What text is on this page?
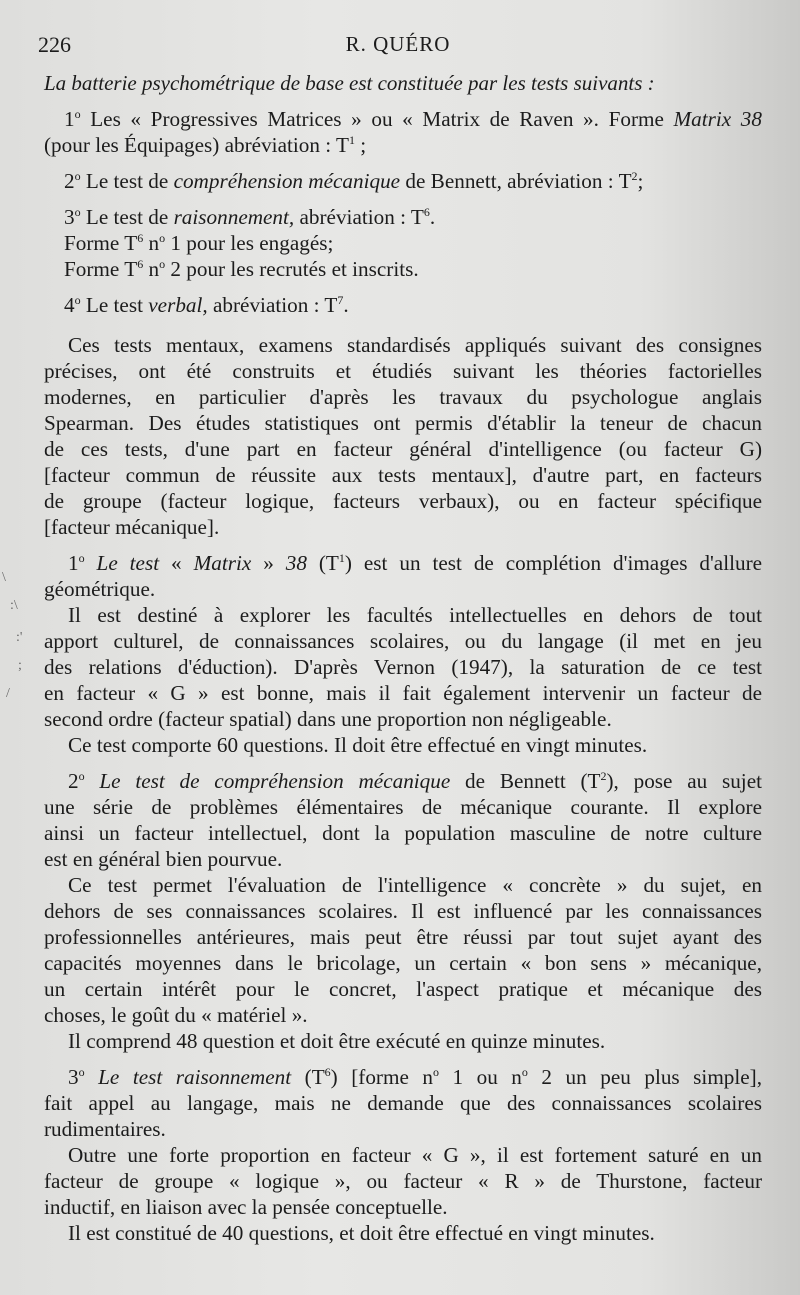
226	R. QUÉRO
\
:\
:'
;
/

La batterie psychométrique de base est constituée par les tests suivants :

1$^o$ Les « Progressives Matrices » ou « Matrix de Raven ». Forme Matrix 38
(pour les Équipages) abréviation : $T^1$ ;

2$^o$ Le test de compréhension mécanique de Bennett, abréviation : $T^2$;

3$^o$ Le test de raisonnement, abréviation : $T^6$.
Forme $T^6$ $n^o$ 1 pour les engagés;
Forme $T^6$ $n^o$ 2 pour les recrutés et inscrits.

4$^o$ Le test verbal, abréviation : $T^7$.

Ces tests mentaux, examens standardisés appliqués suivant des consignes
précises, ont été construits et étudiés suivant les théories factorielles
modernes, en particulier d'après les travaux du psychologue anglais
Spearman. Des études statistiques ont permis d'établir la teneur de chacun
de ces tests, d'une part en facteur général d'intelligence (ou facteur G)
[facteur commun de réussite aux tests mentaux], d'autre part, en facteurs
de groupe (facteur logique, facteurs verbaux), ou en facteur spécifique
[facteur mécanique].

1$^o$ Le test « Matrix » 38 $(T^1)$ est un test de complétion d'images d'allure
géométrique.
Il est destiné à explorer les facultés intellectuelles en dehors de tout
apport culturel, de connaissances scolaires, ou du langage (il met en jeu
des relations d'éduction). D'après Vernon (1947), la saturation de ce test
en facteur « G » est bonne, mais il fait également intervenir un facteur de
second ordre (facteur spatial) dans une proportion non négligeable.
Ce test comporte 60 questions. Il doit être effectué en vingt minutes.

2$^o$ Le test de compréhension mécanique de Bennett $(T^2)$, pose au sujet
une série de problèmes élémentaires de mécanique courante. Il explore
ainsi un facteur intellectuel, dont la population masculine de notre culture
est en général bien pourvue.
Ce test permet l'évaluation de l'intelligence « concrète » du sujet, en
dehors de ses connaissances scolaires. Il est influencé par les connaissances
professionnelles antérieures, mais peut être réussi par tout sujet ayant des
capacités moyennes dans le bricolage, un certain « bon sens » mécanique,
un certain intérêt pour le concret, l'aspect pratique et mécanique des
choses, le goût du « matériel ».
Il comprend 48 question et doit être exécuté en quinze minutes.

3$^o$ Le test raisonnement $(T^6)$ [forme $n^o$ 1 ou $n^o$ 2 un peu plus simple],
fait appel au langage, mais ne demande que des connaissances scolaires
rudimentaires.
Outre une forte proportion en facteur « G », il est fortement saturé en un
facteur de groupe « logique », ou facteur « R » de Thurstone, facteur
inductif, en liaison avec la pensée conceptuelle.
Il est constitué de 40 questions, et doit être effectué en vingt minutes.
